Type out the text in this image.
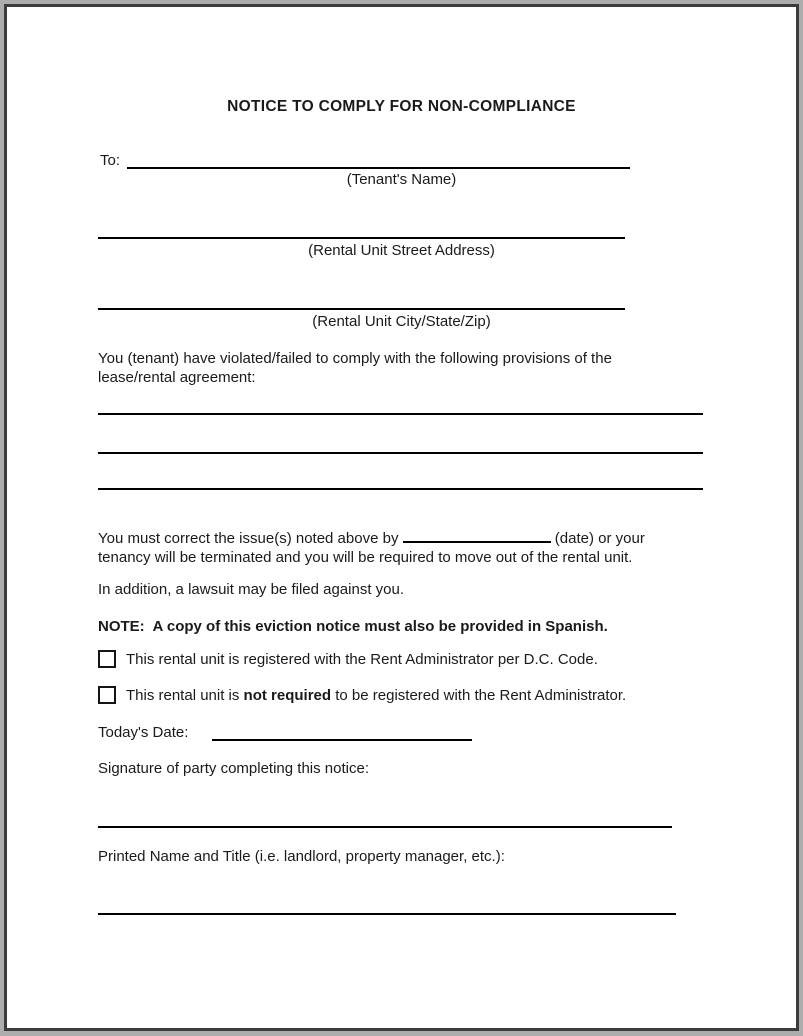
NOTICE TO COMPLY FOR NON-COMPLIANCE
To:
(Tenant's Name)
(Rental Unit Street Address)
(Rental Unit City/State/Zip)
You (tenant) have violated/failed to comply with the following provisions of the lease/rental agreement:
You must correct the issue(s) noted above by	(date) or your tenancy will be terminated and you will be required to move out of the rental unit.
In addition, a lawsuit may be filed against you.
NOTE:  A copy of this eviction notice must also be provided in Spanish.
This rental unit is registered with the Rent Administrator per D.C. Code.
This rental unit is not required to be registered with the Rent Administrator.
Today's Date:
Signature of party completing this notice:
Printed Name and Title (i.e. landlord, property manager, etc.):
